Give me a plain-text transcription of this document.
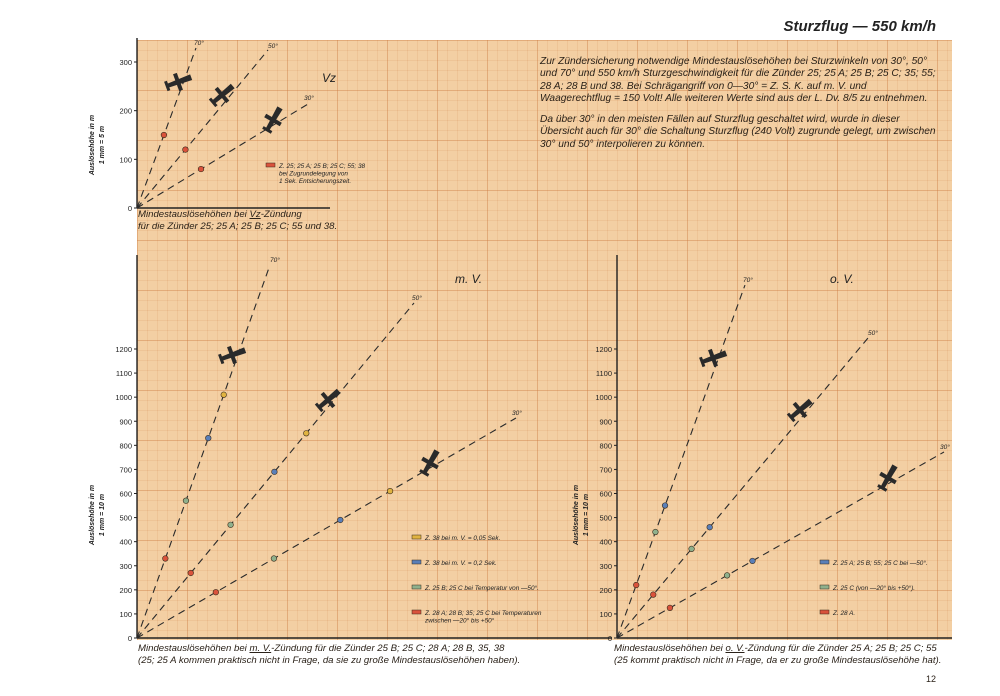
Sturzflug — 550 km/h

Zur Zündersicherung notwendige Mindestauslösehöhen bei Sturzwinkeln von 30°, 50° und 70° und 550 km/h Sturzgeschwindigkeit für die Zünder 25; 25 A; 25 B; 25 C; 35; 55; 28 A; 28 B und 38. Bei Schrägangriff von 0—30° = Z. S. K. auf m. V. und Waagerechtflug = 150 Volt! Alle weiteren Werte sind aus der L. Dv. 8/5 zu entnehmen.

Da über 30° in den meisten Fällen auf Sturzflug geschaltet wird, wurde in dieser Übersicht auch für 30° die Schaltung Sturzflug (240 Volt) zugrunde gelegt, um zwischen 30° und 50° interpolieren zu können.

0
100
200
300
Auslösehöhe in m 1 mm = 5 m
Vz
70°	50°
30°
Z. 25; 25 A; 25 B; 25 C; 55; 38
bei Zugrundelegung von
1 Sek. Entsicherungszeit.
0
100
200
300
400
500
600
700
800
900
1000
1100
1200
Auslösehöhe in m 1 mm = 10 m
m. V.
70°
50°
30°
Z. 38 bei m. V. = 0,05 Sek.
Z. 38 bei m. V. = 0,2 Sek.
Z. 25 B; 25 C bei Temperatur von —50°.
Z. 28 A; 28 B; 35; 25 C bei Temperaturen
zwischen —20° bis +50°
0
100
200
300
400
500
600
700
800
900
1000
1100
1200
Auslösehöhe in m 1 mm = 10 m
o. V.
70°
50°
30°
Z. 25 A; 25 B; 55; 25 C bei —50°.
Z. 25 C (von —20° bis +50°).
Z. 28 A.
Mindestauslösehöhen bei Vz-Zündung
für die Zünder 25; 25 A; 25 B; 25 C; 55 und 38.
Mindestauslösehöhen bei m. V.-Zündung für die Zünder 25 B; 25 C; 28 A; 28 B, 35, 38
(25; 25 A kommen praktisch nicht in Frage, da sie zu große Mindestauslösehöhen haben).
Mindestauslösehöhen bei o. V.-Zündung für die Zünder 25 A; 25 B; 25 C; 55
(25 kommt praktisch nicht in Frage, da er zu große Mindestauslösehöhe hat).
12
